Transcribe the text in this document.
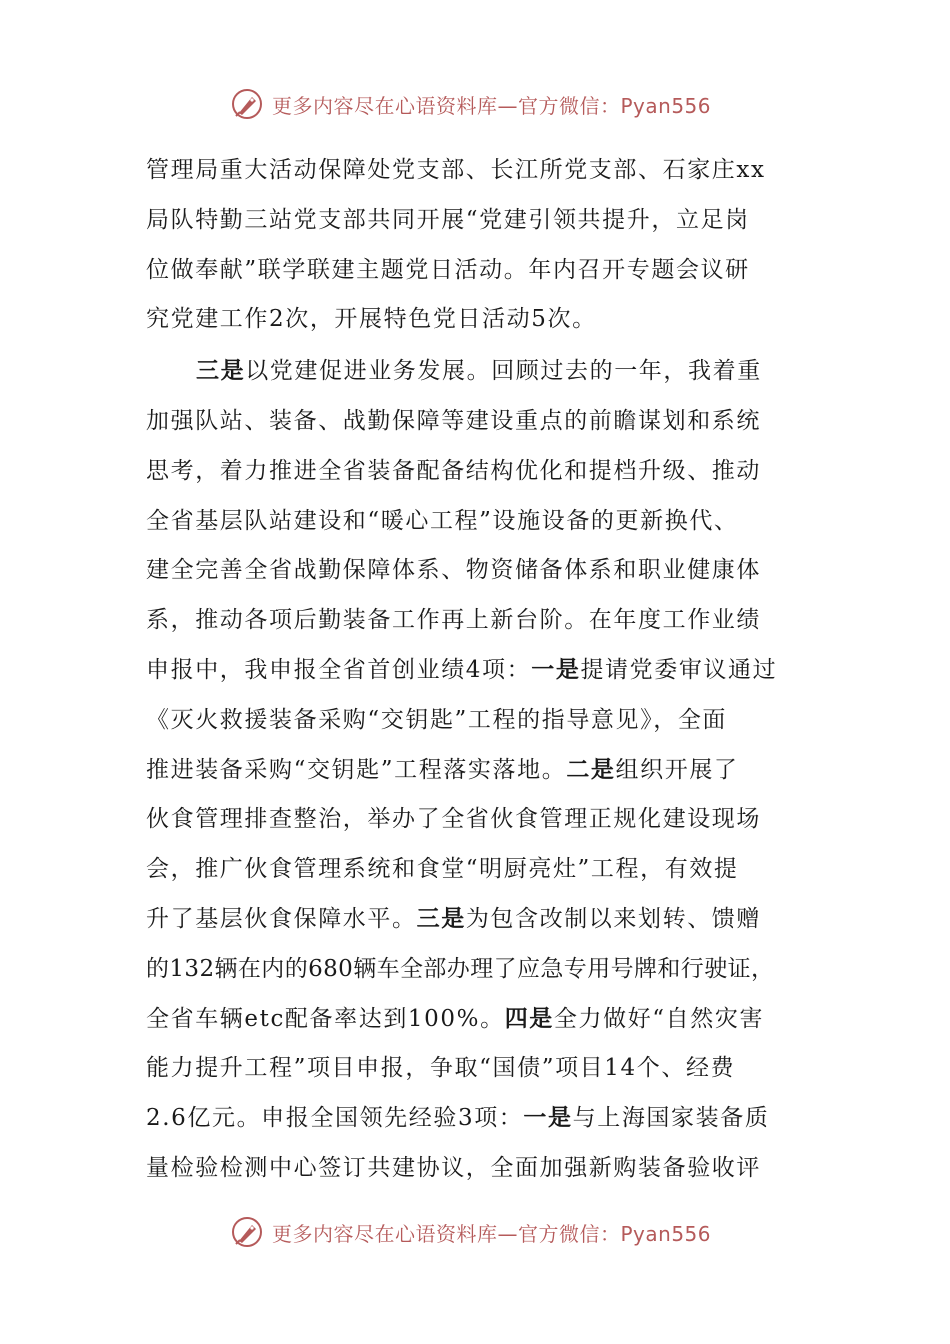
更多内容尽在心语资料库—官方微信：Pyan556
管理局重大活动保障处党支部、长江所党支部、石家庄xx
局队特勤三站党支部共同开展“党建引领共提升，立足岗
位做奉献”联学联建主题党日活动。年内召开专题会议研
究党建工作2次，开展特色党日活动5次。
三是以党建促进业务发展。回顾过去的一年，我着重
加强队站、装备、战勤保障等建设重点的前瞻谋划和系统
思考，着力推进全省装备配备结构优化和提档升级、推动
全省基层队站建设和“暖心工程”设施设备的更新换代、
建全完善全省战勤保障体系、物资储备体系和职业健康体
系，推动各项后勤装备工作再上新台阶。在年度工作业绩
申报中，我申报全省首创业绩4项：一是提请党委审议通过
《灭火救援装备采购“交钥匙”工程的指导意见》，全面
推进装备采购“交钥匙”工程落实落地。二是组织开展了
伙食管理排查整治，举办了全省伙食管理正规化建设现场
会，推广伙食管理系统和食堂“明厨亮灶”工程，有效提
升了基层伙食保障水平。三是为包含改制以来划转、馈赠
的132辆在内的680辆车全部办理了应急专用号牌和行驶证，
全省车辆etc配备率达到100%。四是全力做好“自然灾害
能力提升工程”项目申报，争取“国债”项目14个、经费
2.6亿元。申报全国领先经验3项：一是与上海国家装备质
量检验检测中心签订共建协议，全面加强新购装备验收评
更多内容尽在心语资料库—官方微信：Pyan556
